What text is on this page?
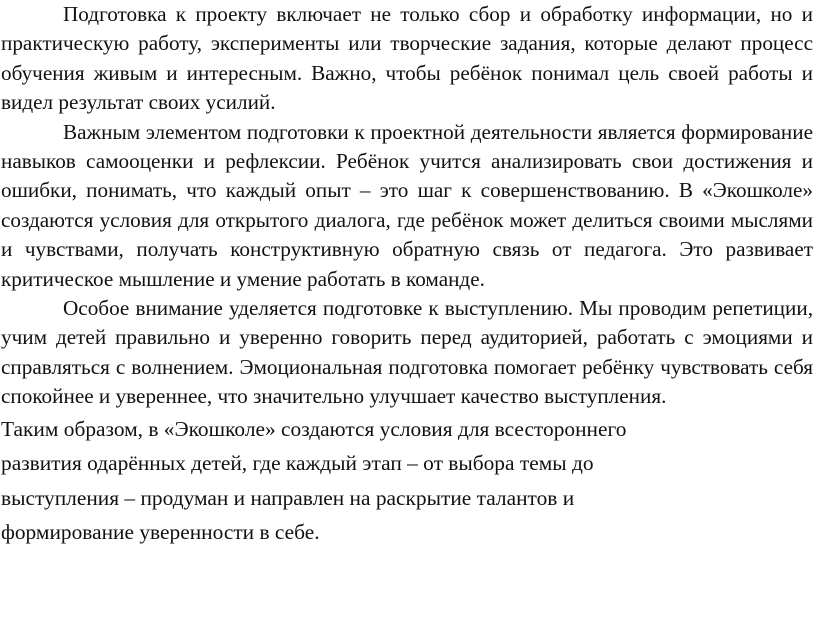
Подготовка к проекту включает не только сбор и обработку информации, но и практическую работу, эксперименты или творческие задания, которые делают процесс обучения живым и интересным. Важно, чтобы ребёнок понимал цель своей работы и видел результат своих усилий.

Важным элементом подготовки к проектной деятельности является формирование навыков самооценки и рефлексии. Ребёнок учится анализировать свои достижения и ошибки, понимать, что каждый опыт – это шаг к совершенствованию. В «Экошколе» создаются условия для открытого диалога, где ребёнок может делиться своими мыслями и чувствами, получать конструктивную обратную связь от педагога. Это развивает критическое мышление и умение работать в команде.

Особое внимание уделяется подготовке к выступлению. Мы проводим репетиции, учим детей правильно и уверенно говорить перед аудиторией, работать с эмоциями и справляться с волнением. Эмоциональная подготовка помогает ребёнку чувствовать себя спокойнее и увереннее, что значительно улучшает качество выступления.

Таким образом, в «Экошколе» создаются условия для всестороннего
развития одарённых детей, где каждый этап – от выбора темы до
выступления – продуман и направлен на раскрытие талантов и
формирование уверенности в себе.
